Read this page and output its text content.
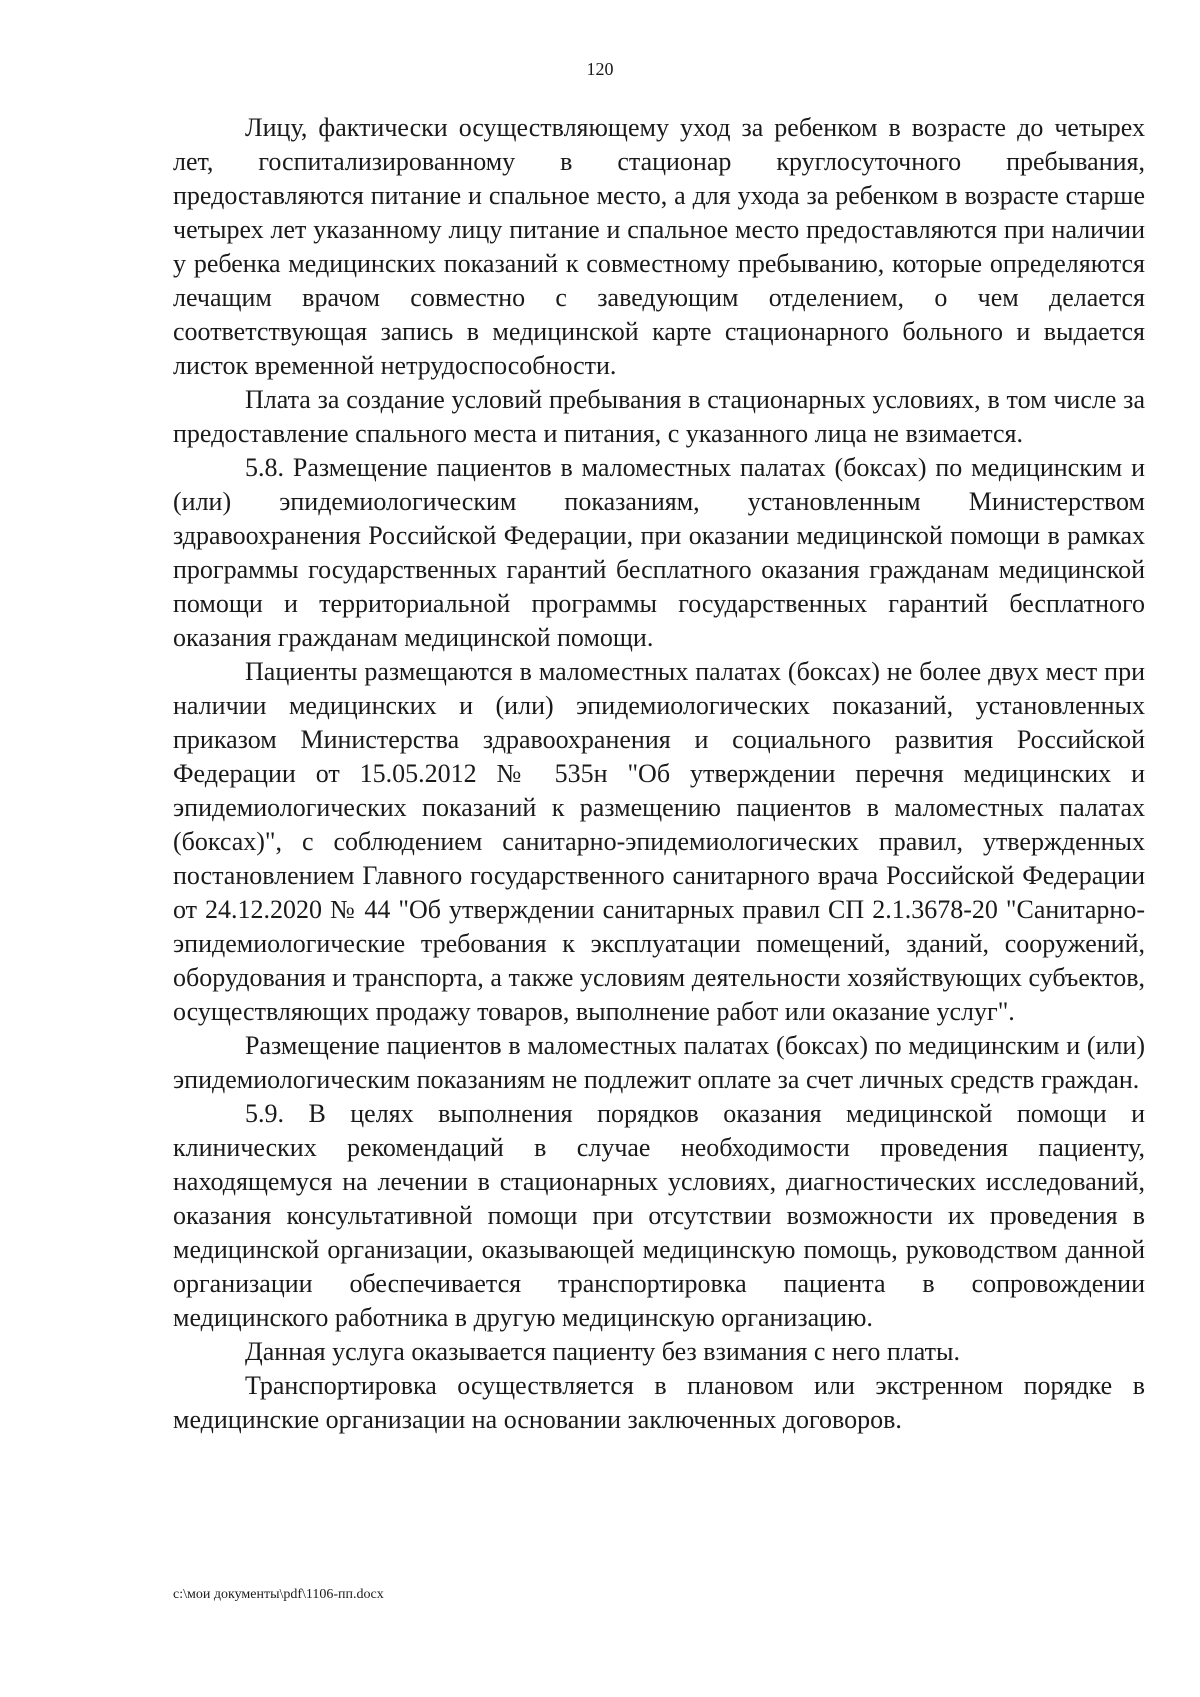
120

Лицу, фактически осуществляющему уход за ребенком в возрасте до четырех лет, госпитализированному в стационар круглосуточного пребывания, предоставляются питание и спальное место, а для ухода за ребенком в возрасте старше четырех лет указанному лицу питание и спальное место предоставляются при наличии у ребенка медицинских показаний к совместному пребыванию, которые определяются лечащим врачом совместно с заведующим отделением, о чем делается соответствующая запись в медицинской карте стационарного больного и выдается листок временной нетрудоспособности.

Плата за создание условий пребывания в стационарных условиях, в том числе за предоставление спального места и питания, с указанного лица не взимается.

5.8. Размещение пациентов в маломестных палатах (боксах) по медицинским и (или) эпидемиологическим показаниям, установленным Министерством здравоохранения Российской Федерации, при оказании медицинской помощи в рамках программы государственных гарантий бесплатного оказания гражданам медицинской помощи и территориальной программы государственных гарантий бесплатного оказания гражданам медицинской помощи.

Пациенты размещаются в маломестных палатах (боксах) не более двух мест при наличии медицинских и (или) эпидемиологических показаний, установленных приказом Министерства здравоохранения и социального развития Российской Федерации от 15.05.2012 № 535н "Об утверждении перечня медицинских и эпидемиологических показаний к размещению пациентов в маломестных палатах (боксах)", с соблюдением санитарно-эпидемиологических правил, утвержденных постановлением Главного государственного санитарного врача Российской Федерации от 24.12.2020 № 44 "Об утверждении санитарных правил СП 2.1.3678-20 "Санитарно-эпидемиологические требования к эксплуатации помещений, зданий, сооружений, оборудования и транспорта, а также условиям деятельности хозяйствующих субъектов, осуществляющих продажу товаров, выполнение работ или оказание услуг".

Размещение пациентов в маломестных палатах (боксах) по медицинским и (или) эпидемиологическим показаниям не подлежит оплате за счет личных средств граждан.

5.9. В целях выполнения порядков оказания медицинской помощи и клинических рекомендаций в случае необходимости проведения пациенту, находящемуся на лечении в стационарных условиях, диагностических исследований, оказания консультативной помощи при отсутствии возможности их проведения в медицинской организации, оказывающей медицинскую помощь, руководством данной организации обеспечивается транспортировка пациента в сопровождении медицинского работника в другую медицинскую организацию.

Данная услуга оказывается пациенту без взимания с него платы.

Транспортировка осуществляется в плановом или экстренном порядке в медицинские организации на основании заключенных договоров.

c:\мои документы\pdf\1106-пп.docx
